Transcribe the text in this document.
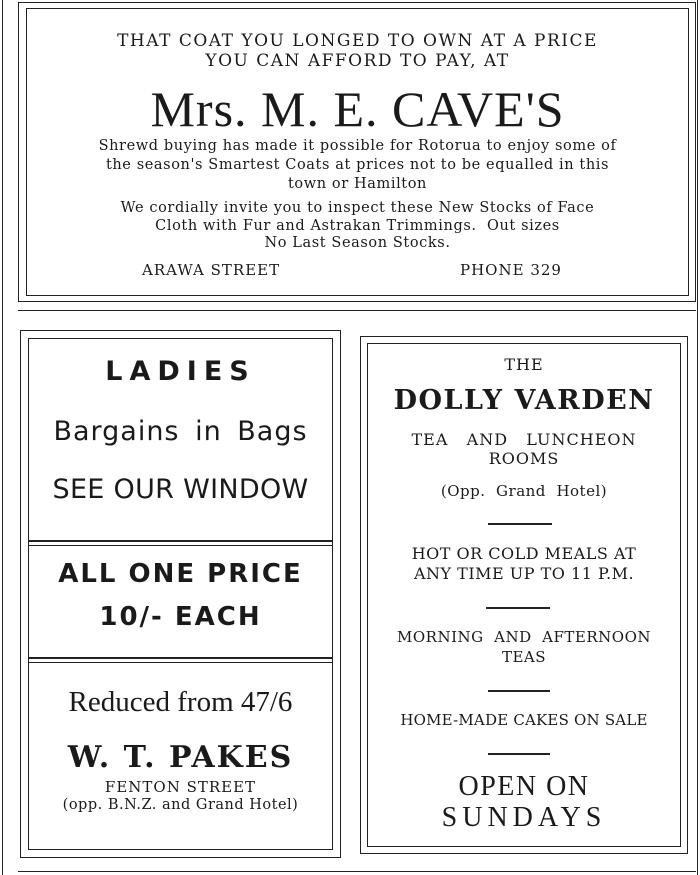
THAT COAT YOU LONGED TO OWN AT A PRICE
YOU CAN AFFORD TO PAY, AT
Mrs. M. E. CAVE'S
Shrewd buying has made it possible for Rotorua to enjoy some of
the season's Smartest Coats at prices not to be equalled in this
town or Hamilton
We cordially invite you to inspect these New Stocks of Face
Cloth with Fur and Astrakan Trimmings.  Out sizes
No Last Season Stocks.
ARAWA STREET	PHONE 329
LADIES
Bargains in Bags
SEE OUR WINDOW
ALL ONE PRICE
10/- EACH
Reduced from 47/6
W. T. PAKES
FENTON STREET
(opp. B.N.Z. and Grand Hotel)
THE
DOLLY VARDEN
TEA   AND   LUNCHEON
ROOMS
(Opp.  Grand  Hotel)
HOT OR COLD MEALS AT
ANY TIME UP TO 11 P.M.
MORNING  AND  AFTERNOON
TEAS
HOME-MADE CAKES ON SALE
OPEN ON
SUNDAYS
